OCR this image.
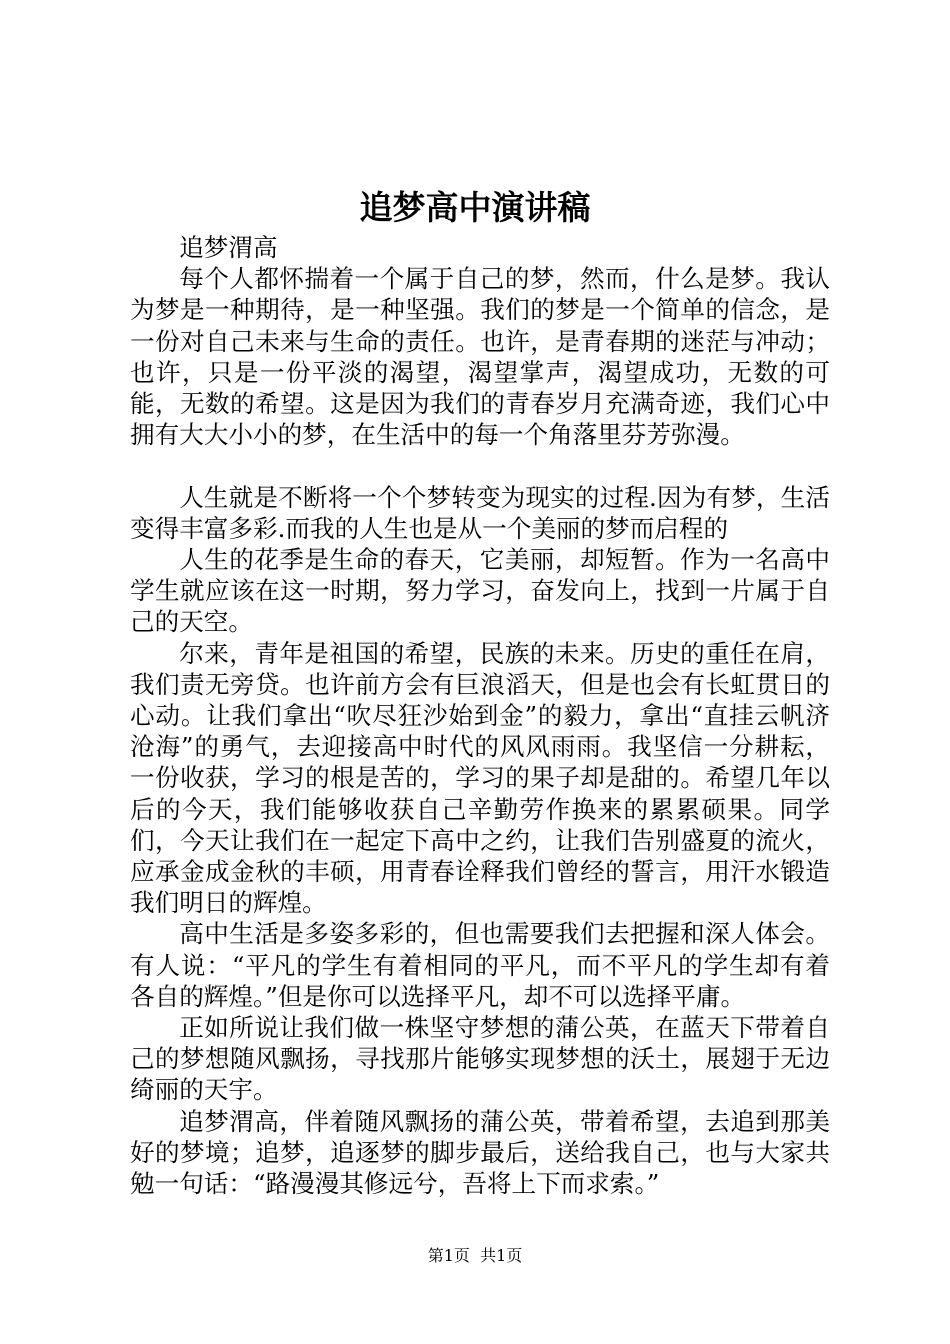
追梦高中演讲稿

追梦渭高

每个人都怀揣着一个属于自己的梦，然而，什么是梦。我认为梦是一种期待，是一种坚强。我们的梦是一个简单的信念，是一份对自己未来与生命的责任。也许，是青春期的迷茫与冲动；也许，只是一份平淡的渴望，渴望掌声，渴望成功，无数的可能，无数的希望。这是因为我们的青春岁月充满奇迹，我们心中拥有大大小小的梦，在生活中的每一个角落里芬芳弥漫。

人生就是不断将一个个梦转变为现实的过程.因为有梦，生活变得丰富多彩.而我的人生也是从一个美丽的梦而启程的

人生的花季是生命的春天，它美丽，却短暂。作为一名高中学生就应该在这一时期，努力学习，奋发向上，找到一片属于自己的天空。

尔来，青年是祖国的希望，民族的未来。历史的重任在肩，我们责无旁贷。也许前方会有巨浪滔天，但是也会有长虹贯日的心动。让我们拿出“吹尽狂沙始到金”的毅力，拿出“直挂云帆济沧海”的勇气，去迎接高中时代的风风雨雨。我坚信一分耕耘，一份收获，学习的根是苦的，学习的果子却是甜的。希望几年以后的今天，我们能够收获自己辛勤劳作换来的累累硕果。同学们，今天让我们在一起定下高中之约，让我们告别盛夏的流火，应承金成金秋的丰硕，用青春诠释我们曾经的誓言，用汗水锻造我们明日的辉煌。

高中生活是多姿多彩的，但也需要我们去把握和深人体会。有人说：“平凡的学生有着相同的平凡，而不平凡的学生却有着各自的辉煌。”但是你可以选择平凡，却不可以选择平庸。

正如所说让我们做一株坚守梦想的蒲公英，在蓝天下带着自己的梦想随风飘扬，寻找那片能够实现梦想的沃土，展翅于无边绮丽的天宇。

追梦渭高，伴着随风飘扬的蒲公英，带着希望，去追到那美好的梦境；追梦，追逐梦的脚步最后，送给我自己，也与大家共勉一句话：“路漫漫其修远兮，吾将上下而求索。”

第1页 共1页
